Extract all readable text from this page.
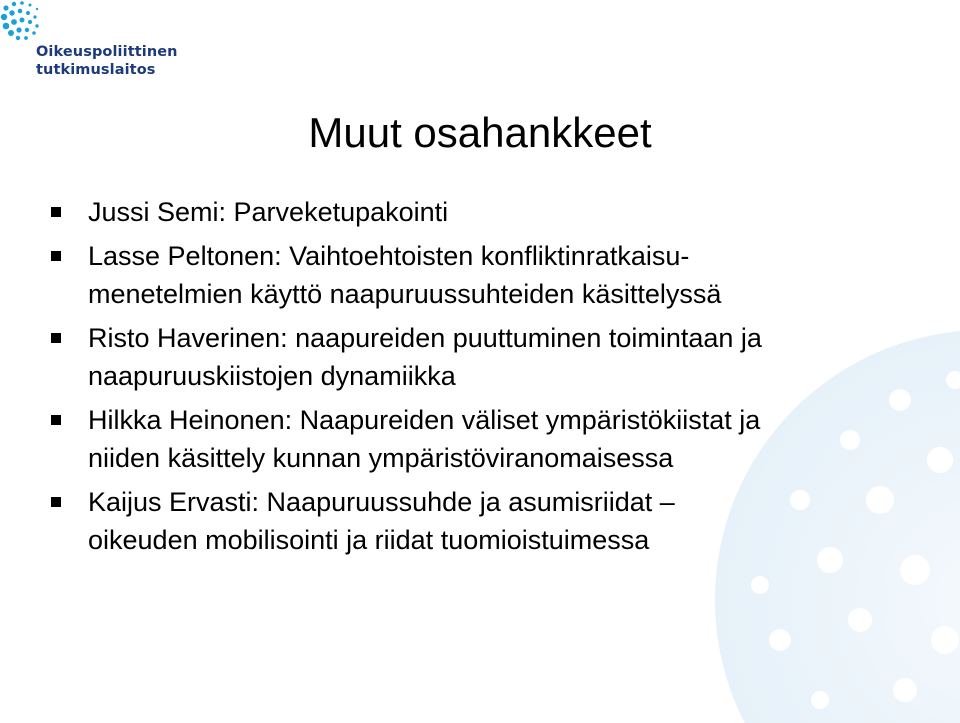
Oikeuspoliittinen
tutkimuslaitos
Muut osahankkeet
Jussi Semi: Parveketupakointi
Lasse Peltonen: Vaihtoehtoisten konfliktinratkaisu-
menetelmien käyttö naapuruussuhteiden käsittelyssä
Risto Haverinen: naapureiden puuttuminen toimintaan ja
naapuruuskiistojen dynamiikka
Hilkka Heinonen: Naapureiden väliset ympäristökiistat ja
niiden käsittely kunnan ympäristöviranomaisessa
Kaijus Ervasti: Naapuruussuhde ja asumisriidat –
oikeuden mobilisointi ja riidat tuomioistuimessa
